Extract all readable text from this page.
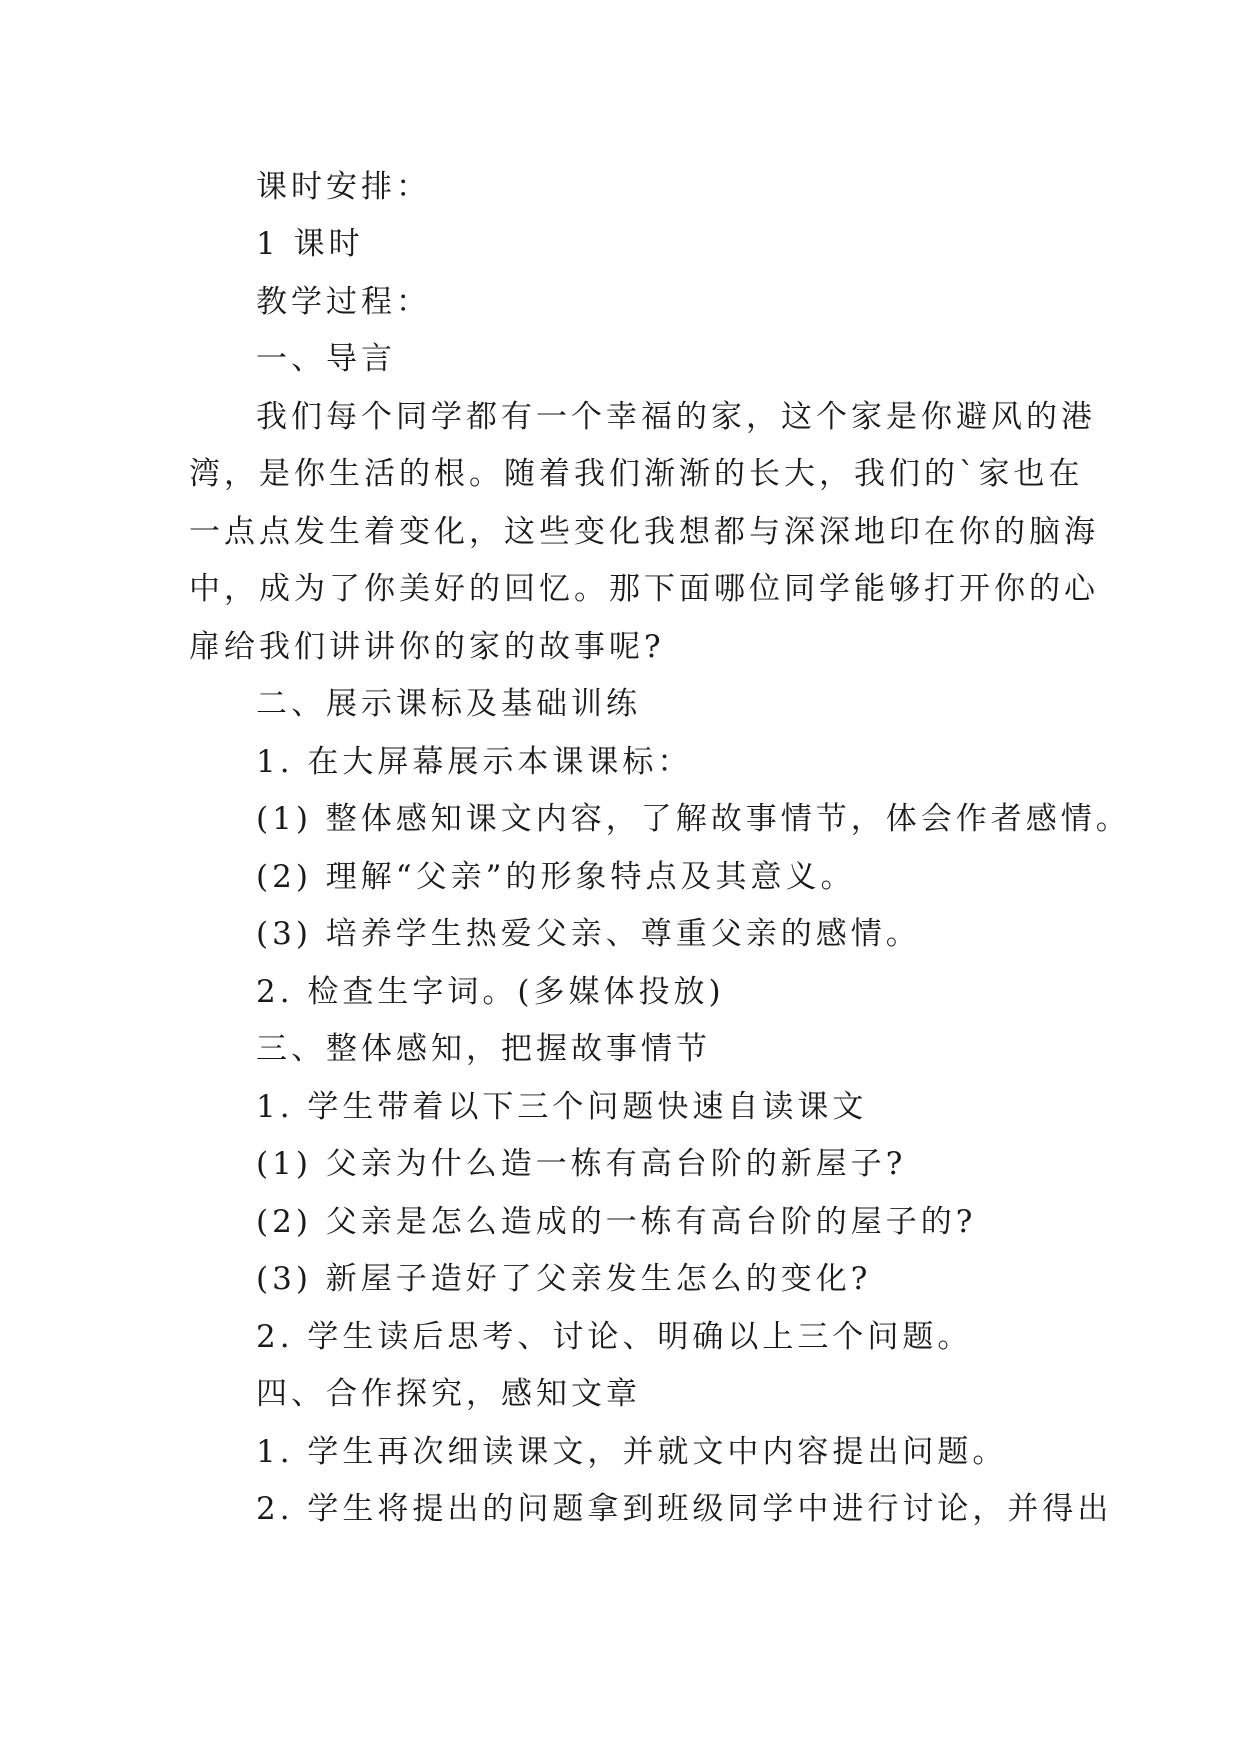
课时安排：
1 课时
教学过程：
一、导言
我们每个同学都有一个幸福的家，这个家是你避风的港
湾，是你生活的根。随着我们渐渐的长大，我们的`家也在
一点点发生着变化，这些变化我想都与深深地印在你的脑海
中，成为了你美好的回忆。那下面哪位同学能够打开你的心
扉给我们讲讲你的家的故事呢?
二、展示课标及基础训练
1. 在大屏幕展示本课课标：
(1) 整体感知课文内容，了解故事情节，体会作者感情。
(2) 理解“父亲”的形象特点及其意义。
(3) 培养学生热爱父亲、尊重父亲的感情。
2. 检查生字词。(多媒体投放)
三、整体感知，把握故事情节
1. 学生带着以下三个问题快速自读课文
(1) 父亲为什么造一栋有高台阶的新屋子?
(2) 父亲是怎么造成的一栋有高台阶的屋子的?
(3) 新屋子造好了父亲发生怎么的变化?
2. 学生读后思考、讨论、明确以上三个问题。
四、合作探究，感知文章
1. 学生再次细读课文，并就文中内容提出问题。
2. 学生将提出的问题拿到班级同学中进行讨论，并得出
